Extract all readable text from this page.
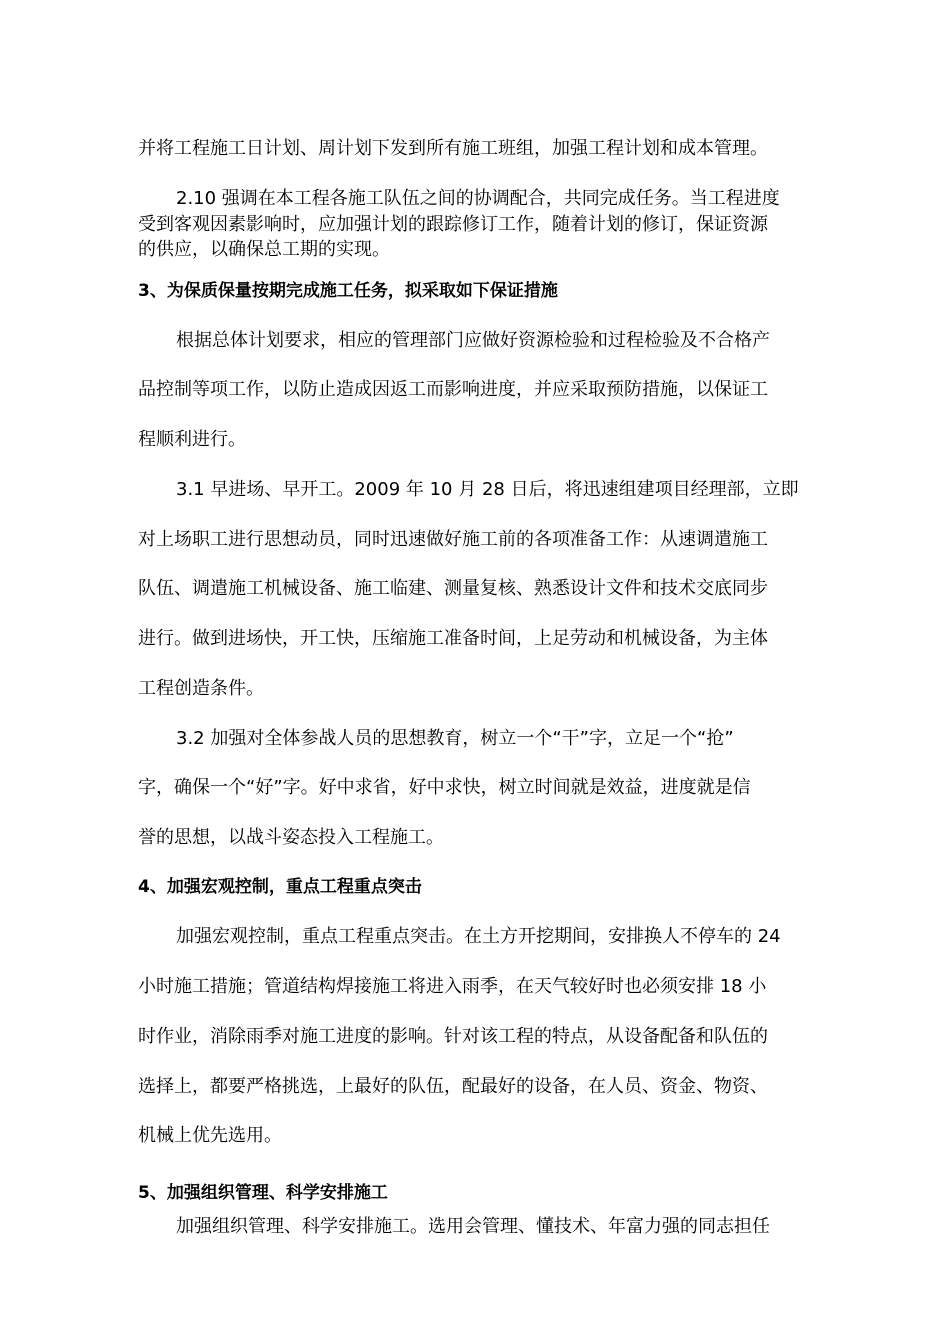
并将工程施工日计划、周计划下发到所有施工班组，加强工程计划和成本管理。

2.10 强调在本工程各施工队伍之间的协调配合，共同完成任务。当工程进度

受到客观因素影响时，应加强计划的跟踪修订工作，随着计划的修订，保证资源

的供应，以确保总工期的实现。

3、为保质保量按期完成施工任务，拟采取如下保证措施

根据总体计划要求，相应的管理部门应做好资源检验和过程检验及不合格产

品控制等项工作，以防止造成因返工而影响进度，并应采取预防措施，以保证工

程顺利进行。

3.1 早进场、早开工。2009 年 10 月 28 日后，将迅速组建项目经理部，立即

对上场职工进行思想动员，同时迅速做好施工前的各项准备工作：从速调遣施工

队伍、调遣施工机械设备、施工临建、测量复核、熟悉设计文件和技术交底同步

进行。做到进场快，开工快，压缩施工准备时间，上足劳动和机械设备，为主体

工程创造条件。

3.2 加强对全体参战人员的思想教育，树立一个“干”字，立足一个“抢”

字，确保一个“好”字。好中求省，好中求快，树立时间就是效益，进度就是信

誉的思想，以战斗姿态投入工程施工。

4、加强宏观控制，重点工程重点突击

加强宏观控制，重点工程重点突击。在土方开挖期间，安排换人不停车的 24

小时施工措施；管道结构焊接施工将进入雨季，在天气较好时也必须安排 18 小

时作业，消除雨季对施工进度的影响。针对该工程的特点，从设备配备和队伍的

选择上，都要严格挑选，上最好的队伍，配最好的设备，在人员、资金、物资、

机械上优先选用。

5、加强组织管理、科学安排施工

加强组织管理、科学安排施工。选用会管理、懂技术、年富力强的同志担任
